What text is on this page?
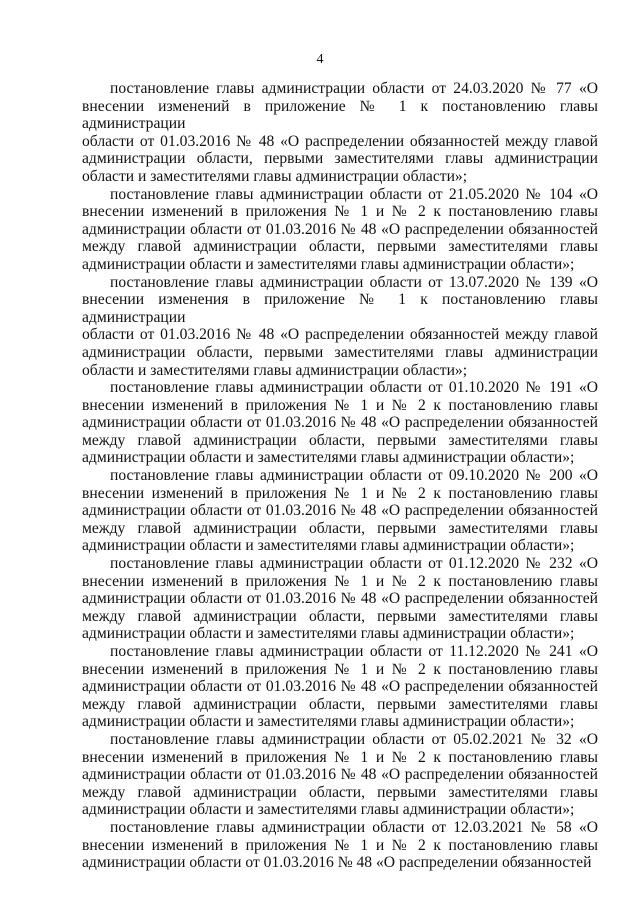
4

постановление главы администрации области от 24.03.2020 № 77 «О
внесении изменений в приложение № 1 к постановлению главы администрации
области от 01.03.2016 № 48 «О распределении обязанностей между главой
администрации области, первыми заместителями главы администрации
области и заместителями главы администрации области»;

постановление главы администрации области от 21.05.2020 № 104 «О
внесении изменений в приложения № 1 и № 2 к постановлению главы
администрации области от 01.03.2016 № 48 «О распределении обязанностей
между главой администрации области, первыми заместителями главы
администрации области и заместителями главы администрации области»;

постановление главы администрации области от 13.07.2020 № 139 «О
внесении изменения в приложение № 1 к постановлению главы администрации
области от 01.03.2016 № 48 «О распределении обязанностей между главой
администрации области, первыми заместителями главы администрации
области и заместителями главы администрации области»;

постановление главы администрации области от 01.10.2020 № 191 «О
внесении изменений в приложения № 1 и № 2 к постановлению главы
администрации области от 01.03.2016 № 48 «О распределении обязанностей
между главой администрации области, первыми заместителями главы
администрации области и заместителями главы администрации области»;

постановление главы администрации области от 09.10.2020 № 200 «О
внесении изменений в приложения № 1 и № 2 к постановлению главы
администрации области от 01.03.2016 № 48 «О распределении обязанностей
между главой администрации области, первыми заместителями главы
администрации области и заместителями главы администрации области»;

постановление главы администрации области от 01.12.2020 № 232 «О
внесении изменений в приложения № 1 и № 2 к постановлению главы
администрации области от 01.03.2016 № 48 «О распределении обязанностей
между главой администрации области, первыми заместителями главы
администрации области и заместителями главы администрации области»;

постановление главы администрации области от 11.12.2020 № 241 «О
внесении изменений в приложения № 1 и № 2 к постановлению главы
администрации области от 01.03.2016 № 48 «О распределении обязанностей
между главой администрации области, первыми заместителями главы
администрации области и заместителями главы администрации области»;

постановление главы администрации области от 05.02.2021 № 32 «О
внесении изменений в приложения № 1 и № 2 к постановлению главы
администрации области от 01.03.2016 № 48 «О распределении обязанностей
между главой администрации области, первыми заместителями главы
администрации области и заместителями главы администрации области»;

постановление главы администрации области от 12.03.2021 № 58 «О
внесении изменений в приложения № 1 и № 2 к постановлению главы
администрации области от 01.03.2016 № 48 «О распределении обязанностей
